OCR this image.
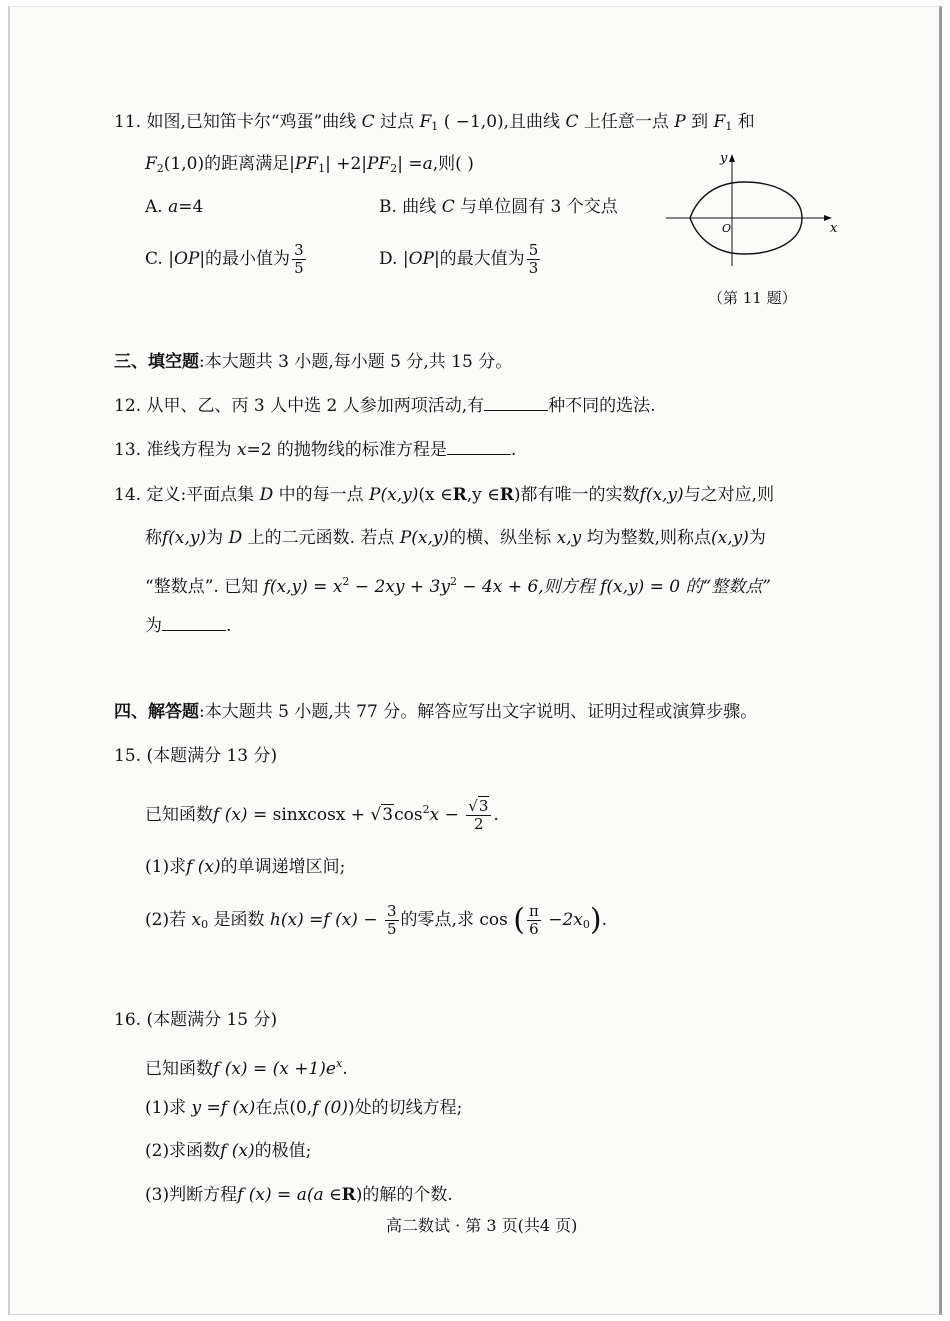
11. 如图,已知笛卡尔“鸡蛋”曲线 C 过点 $F_1$ ( −1,0),且曲线 C 上任意一点 P 到 $F_1$ 和
$F_2(1,0)$的距离满足$|PF_1| +2|PF_2| =a$,则( )
A. a=4	B. 曲线 C 与单位圆有 3 个交点
C. |OP|的最小值为 $\frac{3}{5}$	D. |OP|的最大值为 $\frac{5}{3}$
x
y
O
（第 11 题）
三、填空题:本大题共 3 小题,每小题 5 分,共 15 分。
12. 从甲、乙、丙 3 人中选 2 人参加两项活动,有	种不同的选法.
13. 准线方程为 x=2 的抛物线的标准方程是	.
14. 定义:平面点集 D 中的每一点 P(x,y)(x ∈R,y ∈R)都有唯一的实数f(x,y)与之对应,则
称f(x,y)为 D 上的二元函数. 若点 P(x,y)的横、纵坐标 x,y 均为整数,则称点(x,y)为
“整数点”. 已知 $f(x,y) = x^2 - 2xy + 3y^2 - 4x + 6$,则方程 f(x,y) = 0 的“整数点”
为	.
四、解答题:本大题共 5 小题,共 77 分。解答应写出文字说明、证明过程或演算步骤。
15. (本题满分 13 分)
已知函数f (x) = sinxcosx + $√3\cos^2x - \frac{√3}{2}$ .
(1)求f (x)的单调递增区间;
(2)若 $x_0$ 是函数 h(x) =f $(x) - \frac{3}{5}$ 的零点,求 cos ( $\frac{\pi}{6} -2x_0$).
16. (本题满分 15 分)
已知函数f $(x) = (x +1)e^x$.
(1)求 y =f (x)在点(0,f (0))处的切线方程;
(2)求函数f (x)的极值;
(3)判断方程f (x) = a(a ∈R)的解的个数.
高二数试 · 第 3 页(共4 页)
